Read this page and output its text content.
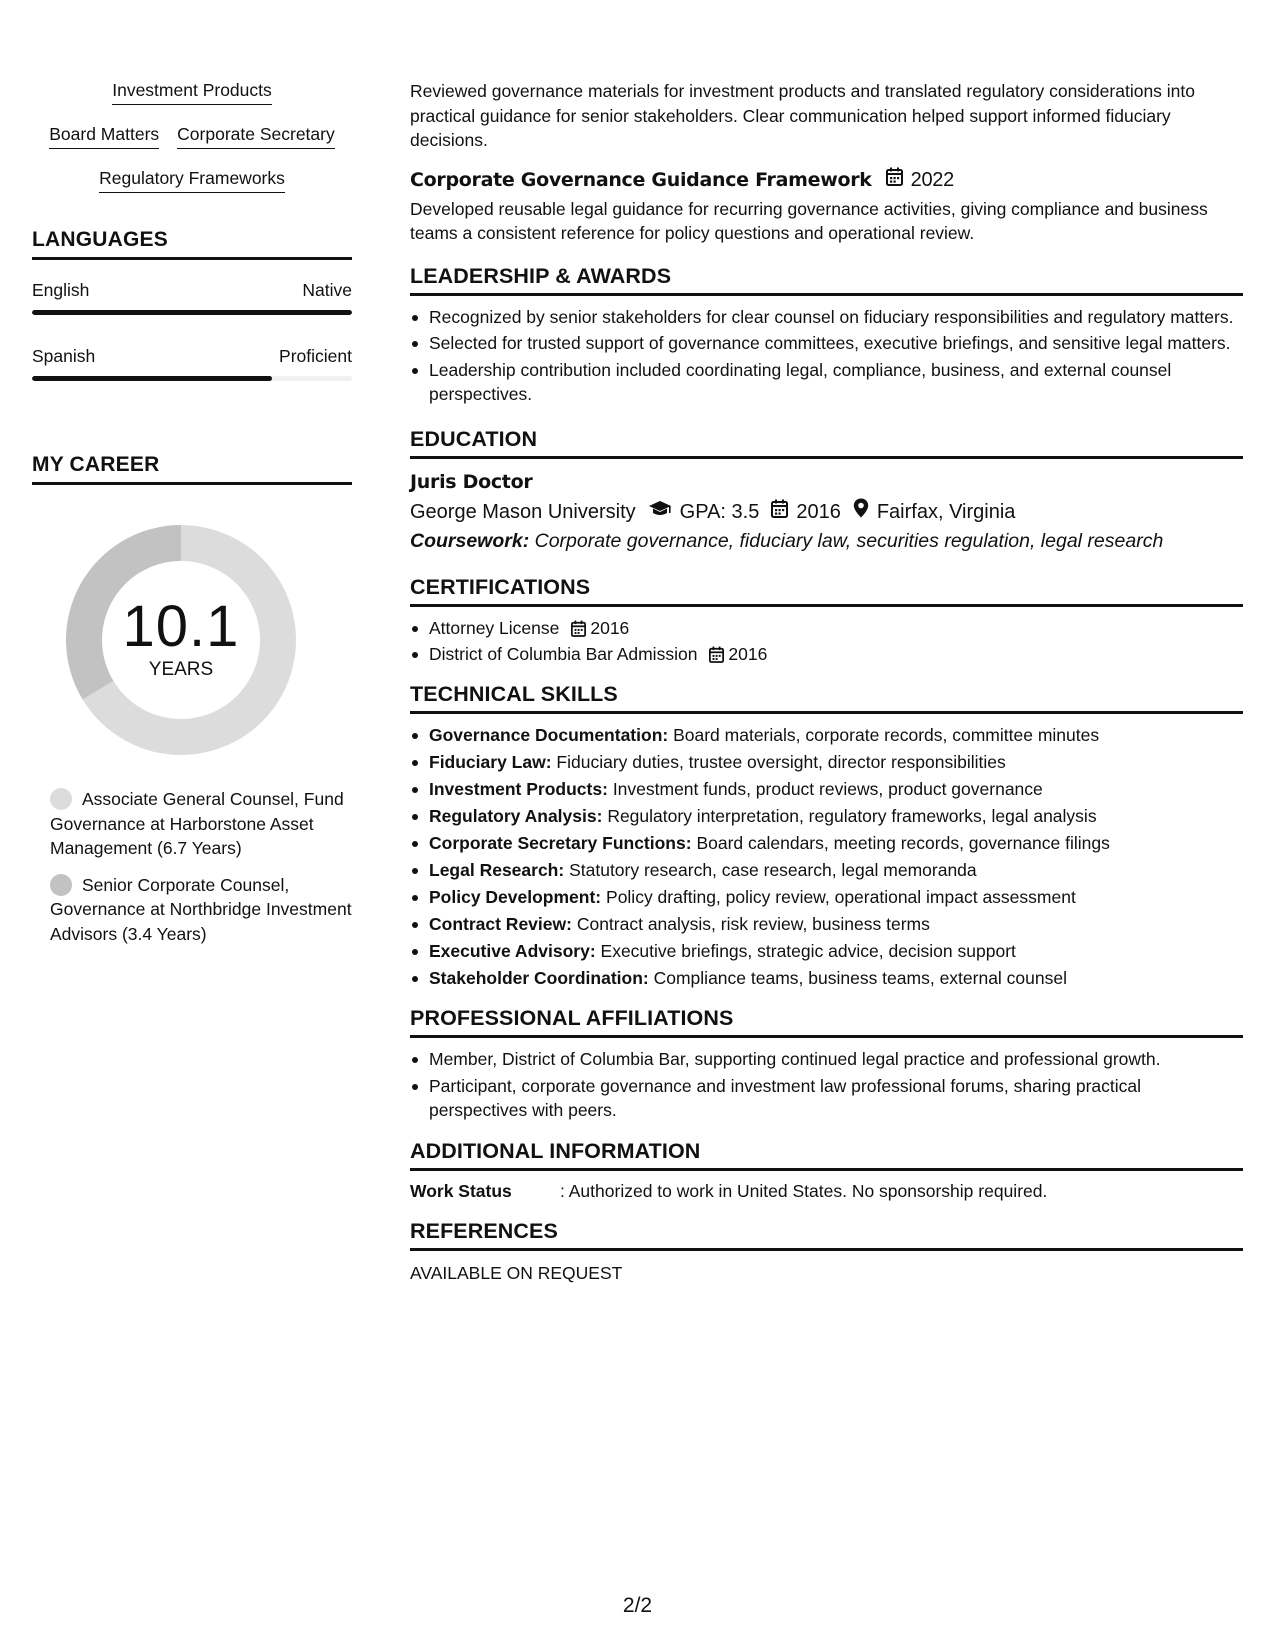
Investment Products
Board Matters Corporate Secretary
Regulatory Frameworks
LANGUAGES
English	Native
Spanish	Proficient
MY CAREER
10.1
YEARS
Associate General Counsel, Fund Governance at Harborstone Asset Management (6.7 Years)
Senior Corporate Counsel, Governance at Northbridge Investment Advisors (3.4 Years)

Reviewed governance materials for investment products and translated regulatory considerations into practical guidance for senior stakeholders. Clear communication helped support informed fiduciary decisions.

Corporate Governance Guidance Framework 2022

Developed reusable legal guidance for recurring governance activities, giving compliance and business teams a consistent reference for policy questions and operational review.

LEADERSHIP & AWARDS
Recognized by senior stakeholders for clear counsel on fiduciary responsibilities and regulatory matters.
Selected for trusted support of governance committees, executive briefings, and sensitive legal matters.
Leadership contribution included coordinating legal, compliance, business, and external counsel perspectives.
EDUCATION
Juris Doctor
George Mason University GPA: 3.5 2016 Fairfax, Virginia
Coursework: Corporate governance, fiduciary law, securities regulation, legal research
CERTIFICATIONS
Attorney License 2016
District of Columbia Bar Admission 2016
TECHNICAL SKILLS
Governance Documentation: Board materials, corporate records, committee minutes
Fiduciary Law: Fiduciary duties, trustee oversight, director responsibilities
Investment Products: Investment funds, product reviews, product governance
Regulatory Analysis: Regulatory interpretation, regulatory frameworks, legal analysis
Corporate Secretary Functions: Board calendars, meeting records, governance filings
Legal Research: Statutory research, case research, legal memoranda
Policy Development: Policy drafting, policy review, operational impact assessment
Contract Review: Contract analysis, risk review, business terms
Executive Advisory: Executive briefings, strategic advice, decision support
Stakeholder Coordination: Compliance teams, business teams, external counsel
PROFESSIONAL AFFILIATIONS
Member, District of Columbia Bar, supporting continued legal practice and professional growth.
Participant, corporate governance and investment law professional forums, sharing practical perspectives with peers.
ADDITIONAL INFORMATION
Work Status	: Authorized to work in United States. No sponsorship required.
REFERENCES
AVAILABLE ON REQUEST
2/2
